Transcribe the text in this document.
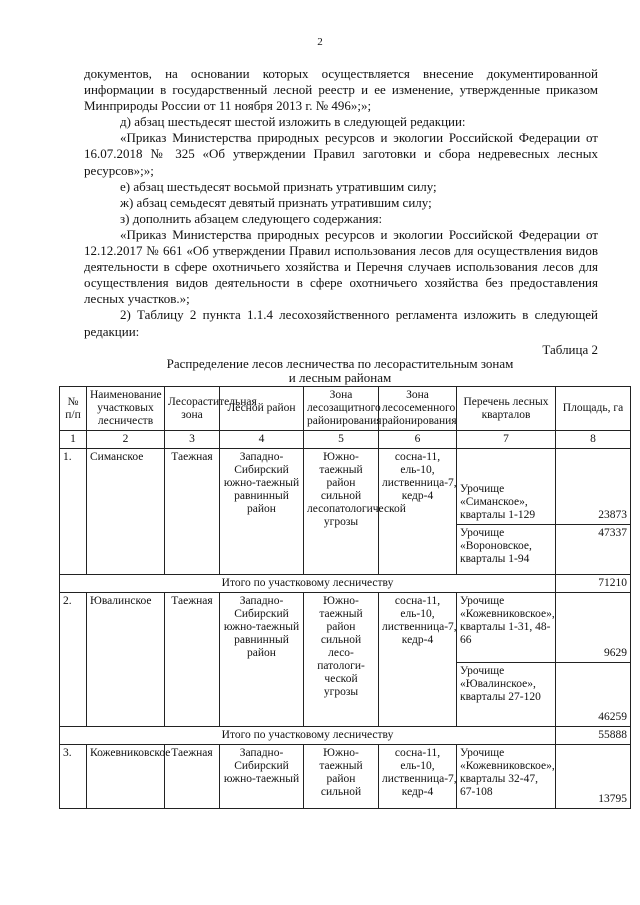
2

документов, на основании которых осуществляется внесение документированной информации в государственный лесной реестр и ее изменение, утвержденные приказом Минприроды России от 11 ноября 2013 г. № 496»;»;

д) абзац шестьдесят шестой изложить в следующей редакции:

«Приказ Министерства природных ресурсов и экологии Российской Федерации от 16.07.2018 № 325 «Об утверждении Правил заготовки и сбора недревесных лесных ресурсов»;»;

е) абзац шестьдесят восьмой признать утратившим силу;

ж) абзац семьдесят девятый признать утратившим силу;

з) дополнить абзацем следующего содержания:

«Приказ Министерства природных ресурсов и экологии Российской Федерации от 12.12.2017 № 661 «Об утверждении Правил использования лесов для осуществления видов деятельности в сфере охотничьего хозяйства и Перечня случаев использования лесов для осуществления видов деятельности в сфере охотничьего хозяйства без предоставления лесных участков.»;

2) Таблицу 2 пункта 1.1.4 лесохозяйственного регламента изложить в следующей редакции:

Таблица 2
Распределение лесов лесничества по лесорастительным зонам
и лесным районам
№ п/п	Наименование участковых лесничеств	Лесорастительная зона	Лесной район	Зона лесозащитного районирования	Зона лесосеменного районирования	Перечень лесных кварталов	Площадь, га
1	2	3	4	5	6	7	8
1.	Симанское	Таежная	Западно-Сибирский южно-таежный равнинный район	Южно-таежный район сильной лесопатологической угрозы	сосна-11, ель-10, лиственница-7, кедр-4	Урочище «Симанское», кварталы 1-129	23873
						Урочище «Вороновское, кварталы 1-94	47337
Итого по участковому лесничеству							71210
2.	Ювалинское	Таежная	Западно-Сибирский южно-таежный равнинный район	Южно-таежный район сильной лесо-патологи-ческой угрозы	сосна-11, ель-10, лиственница-7, кедр-4	Урочище «Кожевниковское», кварталы 1-31, 48-66	9629
						Урочище «Ювалинское», кварталы 27-120	46259
Итого по участковому лесничеству							55888
3.	Кожевниковское	Таежная	Западно-Сибирский южно-таежный	Южно-таежный район сильной	сосна-11, ель-10, лиственница-7, кедр-4	Урочище «Кожевниковское», кварталы 32-47, 67-108	13795
